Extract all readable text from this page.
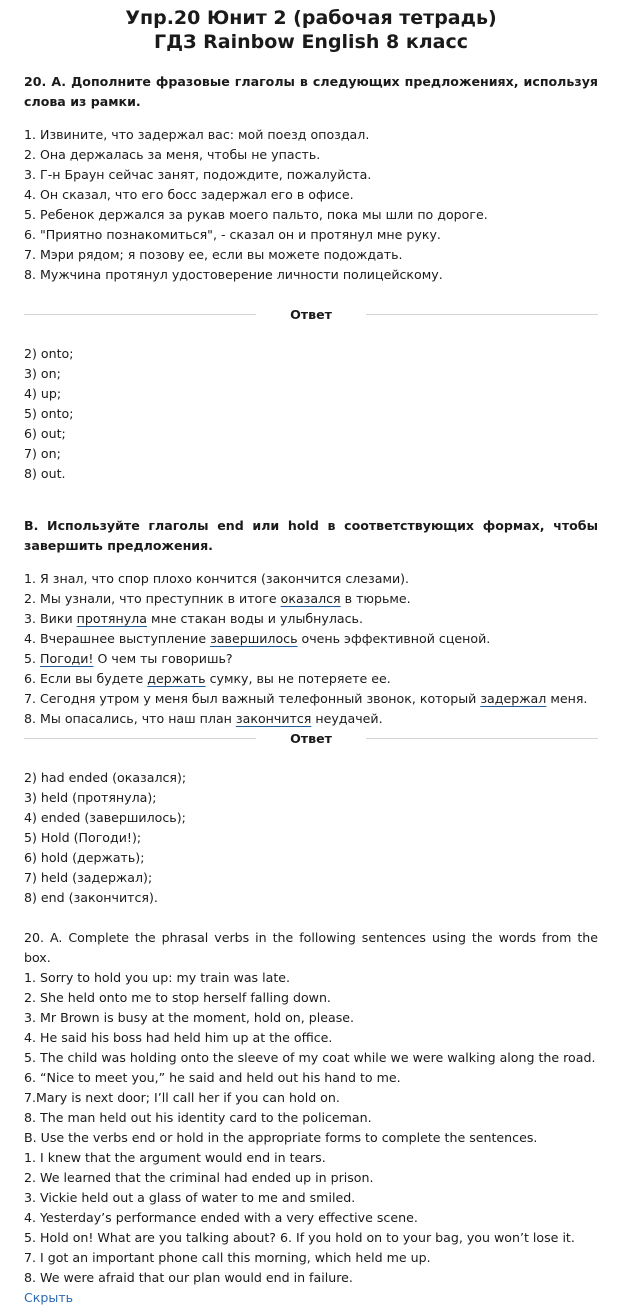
Упр.20 Юнит 2 (рабочая тетрадь)
ГДЗ Rainbow English 8 класс

20. A. Дополните фразовые глаголы в следующих предложениях, используя слова из рамки.

1. Извините, что задержал вас: мой поезд опоздал.

2. Она держалась за меня, чтобы не упасть.

3. Г-н Браун сейчас занят, подождите, пожалуйста.

4. Он сказал, что его босс задержал его в офисе.

5. Ребенок держался за рукав моего пальто, пока мы шли по дороге.

6. "Приятно познакомиться", - сказал он и протянул мне руку.

7. Мэри рядом; я позову ее, если вы можете подождать.

8. Мужчина протянул удостоверение личности полицейскому.

Ответ

2) onto;

3) on;

4) up;

5) onto;

6) out;

7) on;

8) out.

B. Используйте глаголы end или hold в соответствующих формах, чтобы завершить предложения.

1. Я знал, что спор плохо кончится (закончится слезами).

2. Мы узнали, что преступник в итоге оказался в тюрьме.

3. Вики протянула мне стакан воды и улыбнулась.

4. Вчерашнее выступление завершилось очень эффективной сценой.

5. Погоди! О чем ты говоришь?

6. Если вы будете держать сумку, вы не потеряете ее.

7. Сегодня утром у меня был важный телефонный звонок, который задержал меня.

8. Мы опасались, что наш план закончится неудачей.

Ответ

2) had ended (оказался);

3) held (протянула);

4) ended (завершилось);

5) Hold (Погоди!);

6) hold (держать);

7) held (задержал);

8) end (закончится).

20. A. Complete the phrasal verbs in the following sentences using the words from the box.

1. Sorry to hold you up: my train was late.

2. She held onto me to stop herself falling down.

3. Mr Brown is busy at the moment, hold on, please.

4. He said his boss had held him up at the office.

5. The child was holding onto the sleeve of my coat while we were walking along the road.

6. “Nice to meet you,” he said and held out his hand to me.

7.Mary is next door; I’ll call her if you can hold on.

8. The man held out his identity card to the policeman.

B. Use the verbs end or hold in the appropriate forms to complete the sentences.

1. I knew that the argument would end in tears.

2. We learned that the criminal had ended up in prison.

3. Vickie held out a glass of water to me and smiled.

4. Yesterday’s performance ended with a very effective scene.

5. Hold on! What are you talking about? 6. If you hold on to your bag, you won’t lose it.

7. I got an important phone call this morning, which held me up.

8. We were afraid that our plan would end in failure.

Скрыть
